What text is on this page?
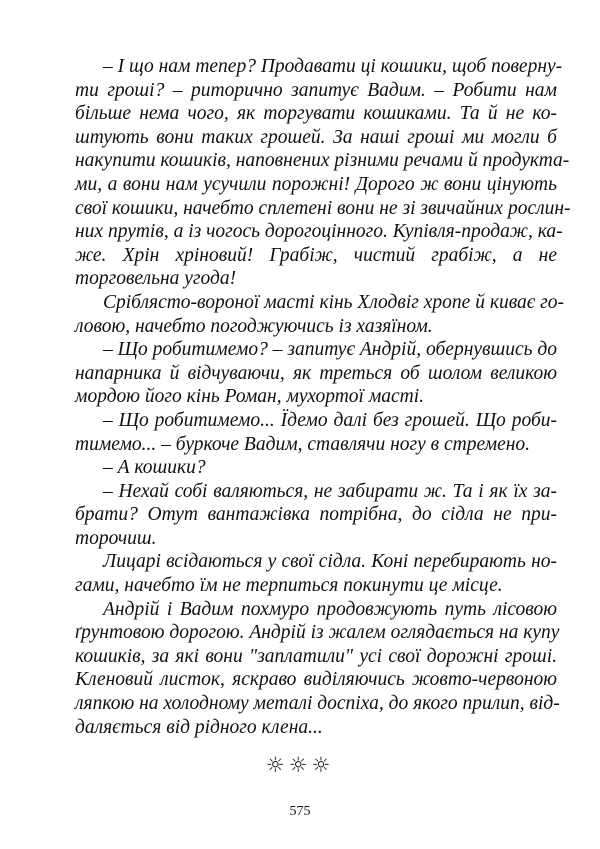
– І що нам тепер? Продавати ці кошики, щоб поверну-
ти гроші? – риторично запитує Вадим. – Робити нам
більше нема чого, як торгувати кошиками. Та й не ко-
штують вони таких грошей. За наші гроші ми могли б
накупити кошиків, наповнених різними речами й продукта-
ми, а вони нам усучили порожні! Дорого ж вони цінують
свої кошики, начебто сплетені вони не зі звичайних рослин-
них прутів, а із чогось дорогоцінного. Купівля-продаж, ка-
же. Хрін хріновий! Грабіж, чистий грабіж, а не
торговельна угода!
Сріблясто-вороної масті кінь Хлодвіг хропе й киває го-
ловою, начебто погоджуючись із хазяїном.
– Що робитимемо? – запитує Андрій, обернувшись до
напарника й відчуваючи, як треться об шолом великою
мордою його кінь Роман, мухортої масті.
– Що робитимемо... Їдемо далі без грошей. Що роби-
тимемо... – буркоче Вадим, ставлячи ногу в стремено.
– А кошики?
– Нехай собі валяються, не забирати ж. Та і як їх за-
брати? Отут вантажівка потрібна, до сідла не при-
торочиш.
Лицарі всідаються у свої сідла. Коні перебирають но-
гами, начебто їм не терпиться покинути це місце.
Андрій і Вадим похмуро продовжують путь лісовою
ґрунтовою дорогою. Андрій із жалем оглядається на купу
кошиків, за які вони "заплатили" усі свої дорожні гроші.
Кленовий листок, яскраво виділяючись жовто-червоною
ляпкою на холодному металі доспіха, до якого прилип, від-
даляється від рідного клена...
☼☼☼
575
